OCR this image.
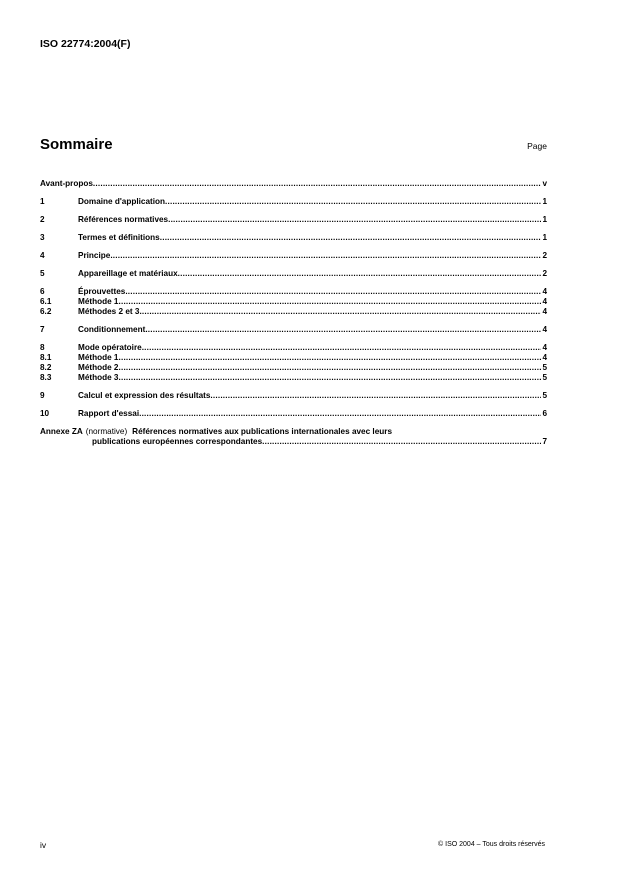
ISO 22774:2004(F)
Sommaire	Page
Avant-propos .....	v
1	Domaine d'application .....	1
2	Références normatives .....	1
3	Termes et définitions .....	1
4	Principe .....	2
5	Appareillage et matériaux .....	2
6	Éprouvettes .....	4
6.1	Méthode 1 .....	4
6.2	Méthodes 2 et 3 .....	4
7	Conditionnement .....	4
8	Mode opératoire .....	4
8.1	Méthode 1 .....	4
8.2	Méthode 2 .....	5
8.3	Méthode 3 .....	5
9	Calcul et expression des résultats .....	5
10	Rapport d'essai .....	6
Annexe ZA (normative) Références normatives aux publications internationales avec leurs
publications européennes correspondantes .....	7
iv	© ISO 2004 – Tous droits réservés
